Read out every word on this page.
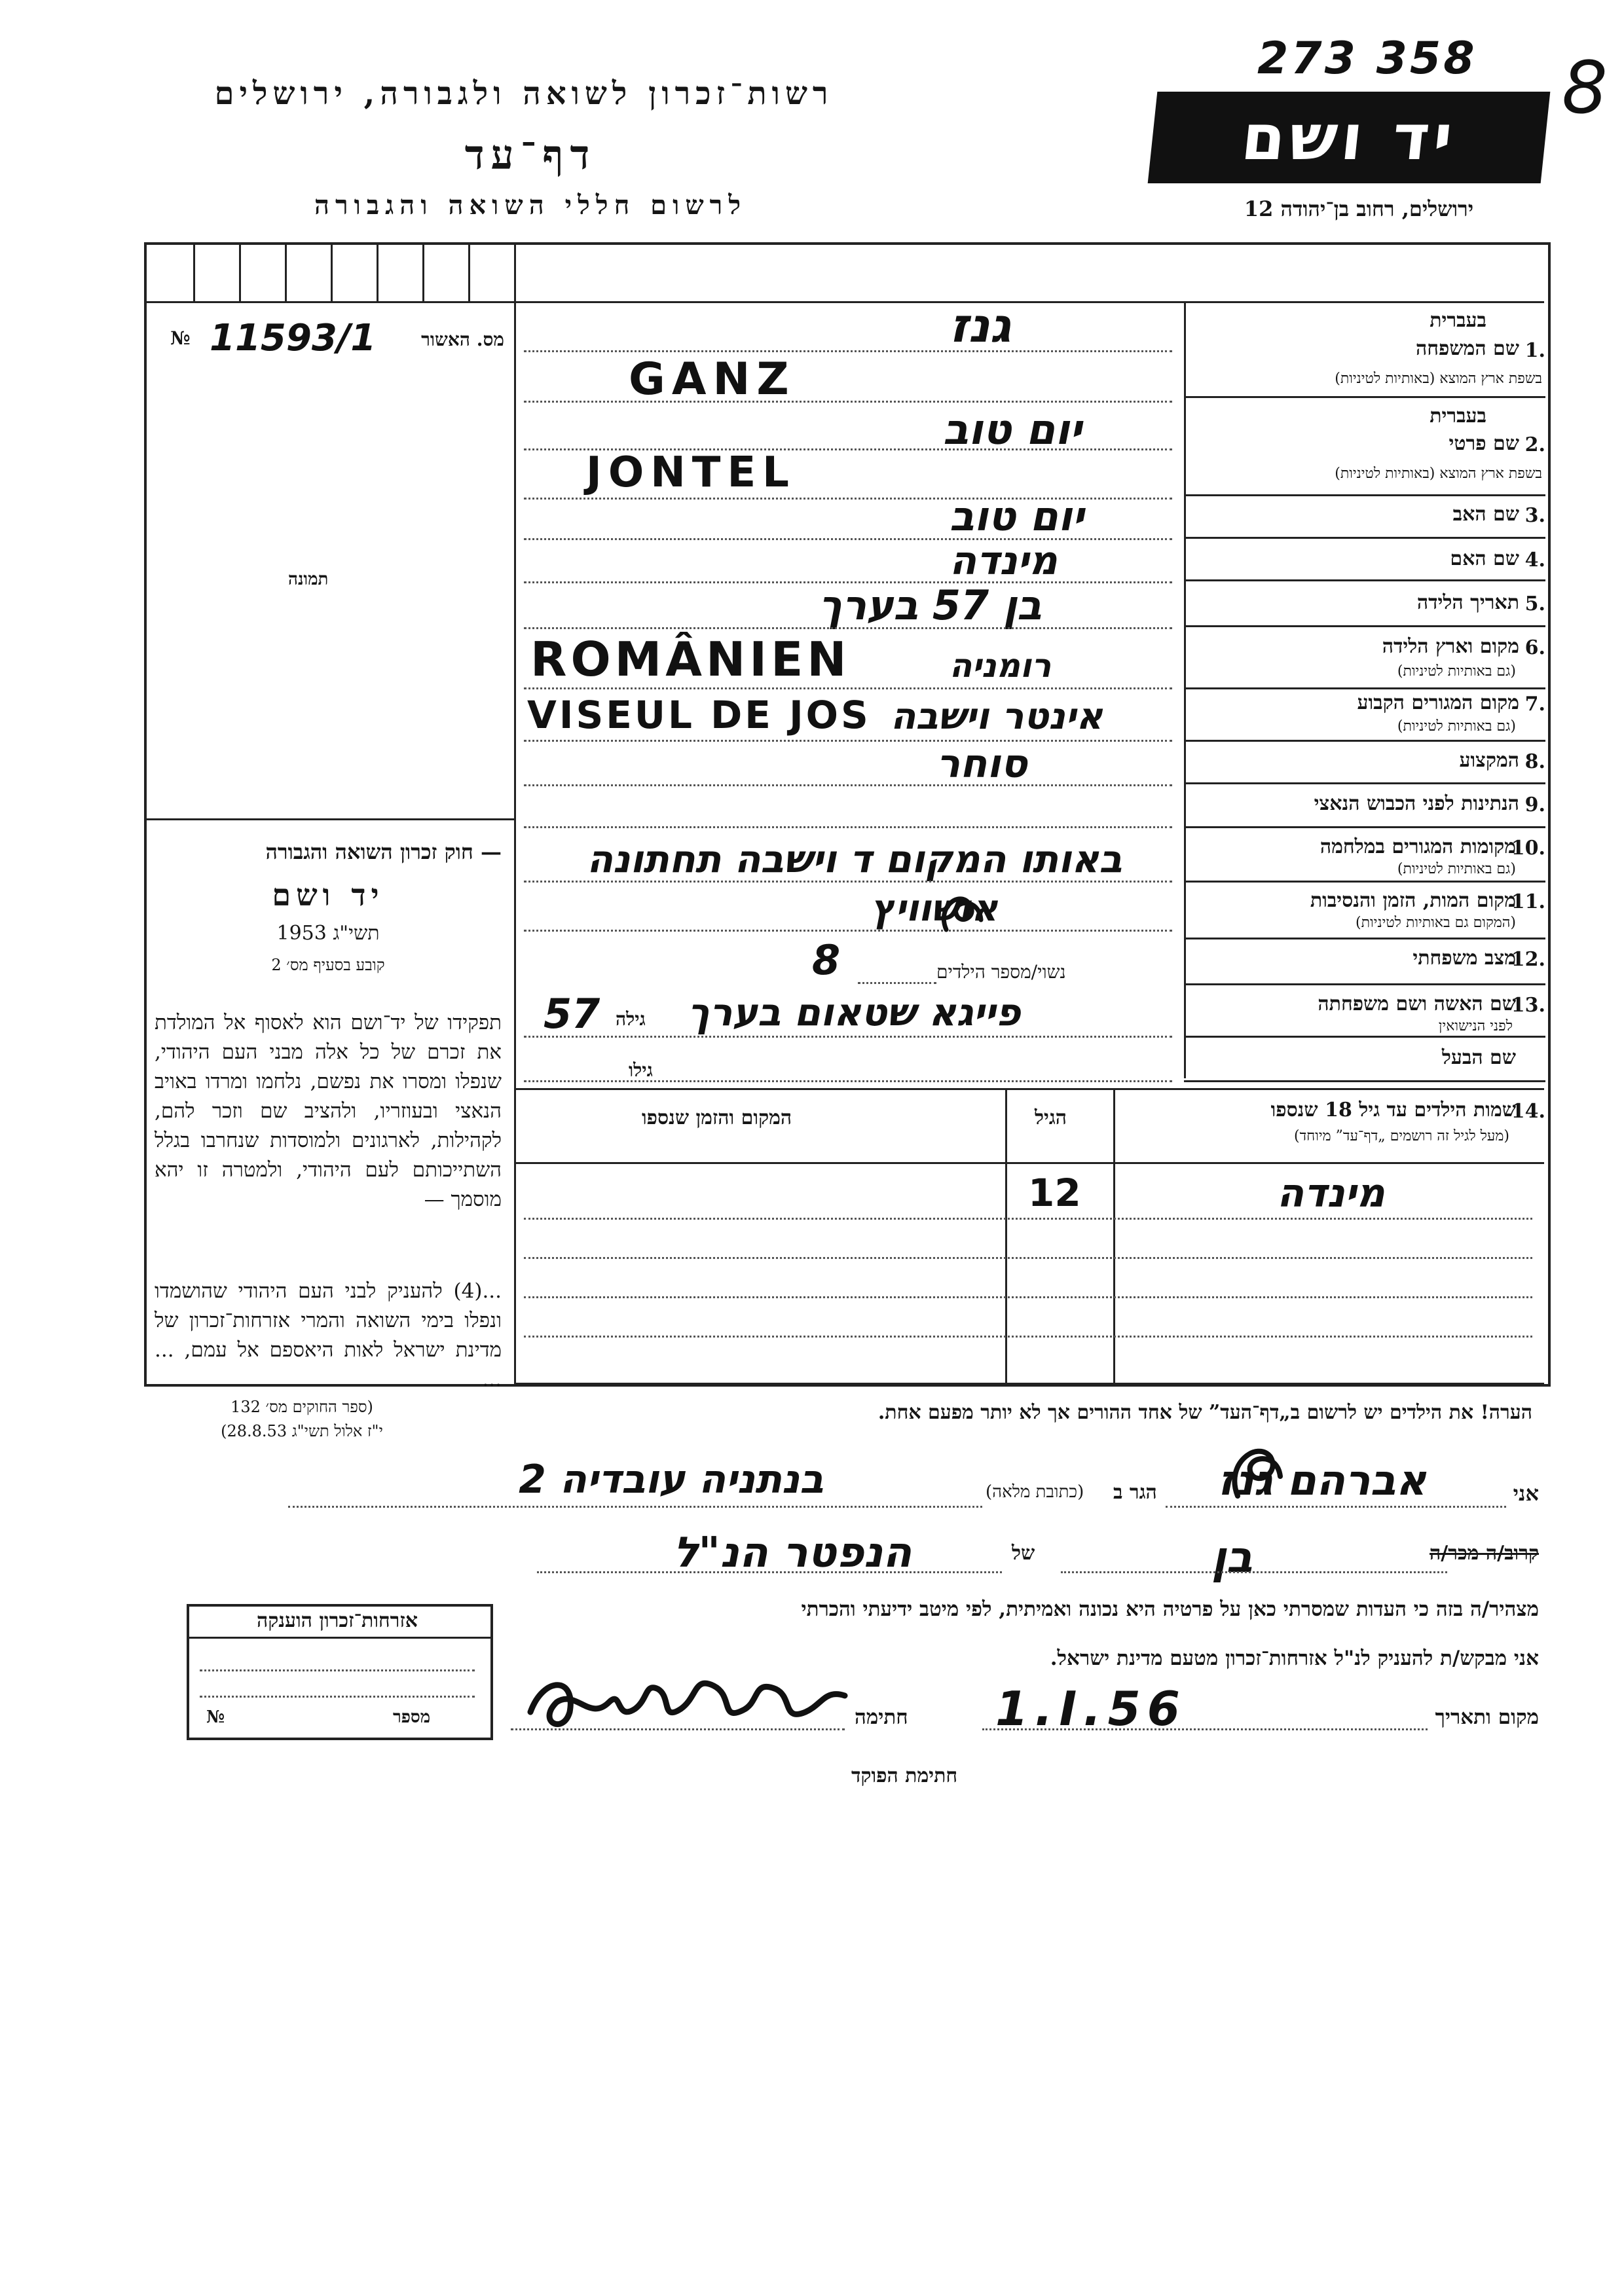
273 358 8
רשות־זכרון לשואה ולגבורה, ירושלים
דף־עד
לרשום חללי השואה והגבורה
יד ושם
ירושלים, רחוב בן־יהודה 12
№ 11593/1 מס. האשור
תמונה
— חוק זכרון השואה והגבורה
יד ושם
תשי"ג 1953
קובע בסעיף מס׳ 2
תפקידו של יד־ושם הוא לאסוף אל המולדת את זכרם של כל אלה מבני העם היהודי, שנפלו ומסרו את נפשם, נלחמו ומרדו באויב הנאצי ובעוזריו, ולהציב שם וזכר להם, לקהילות, לארגונים ולמוסדות שנחרבו בגלל השתייכותם לעם היהודי, ולמטרה זו יהא מוסמך —
...(4) להעניק לבני העם היהודי שהושמדו ונפלו בימי השואה והמרי אזרחות־זכרון של מדינת ישראל לאות היאספם אל עמם, ... ...
(ספר החוקים מס׳ 132
י"ז אלול תשי"ג 28.8.53)
בעברית
1.
שם המשפחה
בשפת ארץ המוצא (באותיות לטיניות)
גנז
GANZ
בעברית
2.
שם פרטי
בשפת ארץ המוצא (באותיות לטיניות)
יום טוב
JONTEL
3.
שם האב
יום טוב
4.
שם האם
מינדה
5.
תאריך הלידה
בן 57 בערך
6.
מקום וארץ הלידה
(גם באותיות לטיניות)
ROMÂNIEN	רומניה
7.
מקום המגורים הקבוע
(גם באותיות לטיניות)
VISEUL DE JOS אינטר וישבה
8.
המקצוע
סוחר
9.
הנתינות לפני הכבוש הנאצי
10.
מקומות המגורים במלחמה
(גם באותיות לטיניות)
באותו המקום ד וישבה תחתונה
11.
מקום המות, הזמן והנסיבות
(המקום גם באותיות לטיניות)
אושוויץ
12.
מצב משפחתי
נשוי/מספר הילדים
8
13.
שם האשה ושם משפחתה
לפני הנישואין
פייגא שטאום בערך
גילה
57
שם הבעל
גילו
14.
שמות הילדים עד גיל 18 שנספו
(מעל לגיל זה רושמים „דף־עד” מיוחד)
הגיל
המקום והזמן שנספו
מינדה
12
הערה! את הילדים יש לרשום ב„דף־העד” של אחד ההורים אך לא יותר מפעם אחת.
אני
אברהם גנז
הגר ב
(כתובת מלאה)
בנתניה עובדיה 2
קרוב/ה מכר/ה
בן
של
הנפטר הנ"ל
מצהיר/ה בזה כי העדות שמסרתי כאן על פרטיה היא נכונה ואמיתית, לפי מיטב ידיעתי והכרתי
אני מבקש/ת להעניק לנ"ל אזרחות־זכרון מטעם מדינת ישראל.
מקום ותאריך
1.I.56
חתימה
חתימת הפוקד
אזרחות־זכרון הוענקה
מספר
№
